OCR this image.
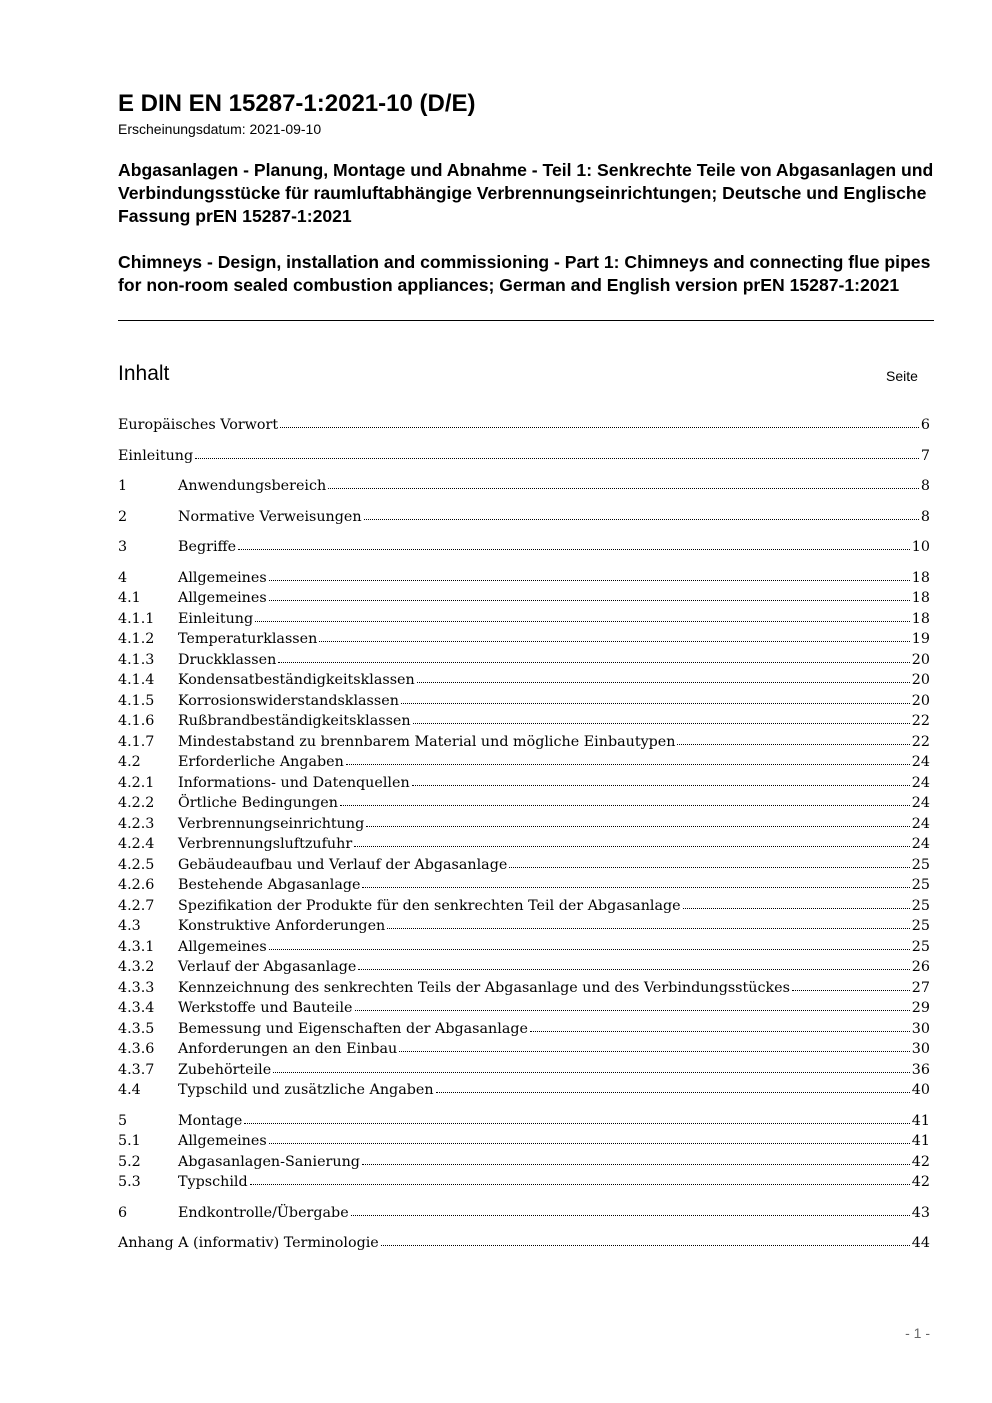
E DIN EN 15287-1:2021-10 (D/E)
Erscheinungsdatum: 2021-09-10

Abgasanlagen - Planung, Montage und Abnahme - Teil 1: Senkrechte Teile von Abgasanlagen und Verbindungsstücke für raumluftabhängige Verbrennungseinrichtungen; Deutsche und Englische Fassung prEN 15287-1:2021

Chimneys - Design, installation and commissioning - Part 1: Chimneys and connecting flue pipes for non-room sealed combustion appliances; German and English version prEN 15287-1:2021

Inhalt	Seite
Europäisches Vorwort	6
Einleitung	7
1	Anwendungsbereich	8
2	Normative Verweisungen	8
3	Begriffe	10
4	Allgemeines	18
4.1	Allgemeines	18
4.1.1	Einleitung	18
4.1.2	Temperaturklassen	19
4.1.3	Druckklassen	20
4.1.4	Kondensatbeständigkeitsklassen	20
4.1.5	Korrosionswiderstandsklassen	20
4.1.6	Rußbrandbeständigkeitsklassen	22
4.1.7	Mindestabstand zu brennbarem Material und mögliche Einbautypen	22
4.2	Erforderliche Angaben	24
4.2.1	Informations- und Datenquellen	24
4.2.2	Örtliche Bedingungen	24
4.2.3	Verbrennungseinrichtung	24
4.2.4	Verbrennungsluftzufuhr	24
4.2.5	Gebäudeaufbau und Verlauf der Abgasanlage	25
4.2.6	Bestehende Abgasanlage	25
4.2.7	Spezifikation der Produkte für den senkrechten Teil der Abgasanlage	25
4.3	Konstruktive Anforderungen	25
4.3.1	Allgemeines	25
4.3.2	Verlauf der Abgasanlage	26
4.3.3	Kennzeichnung des senkrechten Teils der Abgasanlage und des Verbindungsstückes	27
4.3.4	Werkstoffe und Bauteile	29
4.3.5	Bemessung und Eigenschaften der Abgasanlage	30
4.3.6	Anforderungen an den Einbau	30
4.3.7	Zubehörteile	36
4.4	Typschild und zusätzliche Angaben	40
5	Montage	41
5.1	Allgemeines	41
5.2	Abgasanlagen-Sanierung	42
5.3	Typschild	42
6	Endkontrolle/Übergabe	43
Anhang A (informativ) Terminologie	44
- 1 -
